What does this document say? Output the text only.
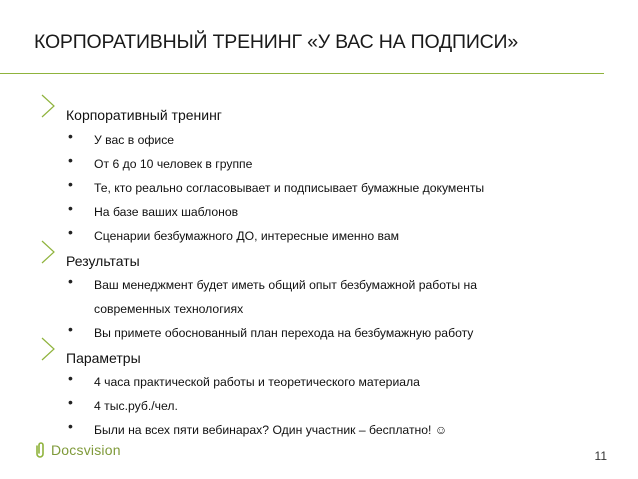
КОРПОРАТИВНЫЙ ТРЕНИНГ «У ВАС НА ПОДПИСИ»
Корпоративный тренинг
• У вас в офисе
• От 6 до 10 человек в группе
• Те, кто реально согласовывает и подписывает бумажные документы
• На базе ваших шаблонов
• Сценарии безбумажного ДО, интересные именно вам
Результаты
• Ваш менеджмент будет иметь общий опыт безбумажной работы на современных технологиях
• Вы примете обоснованный план перехода на безбумажную работу
Параметры
• 4 часа практической работы и теоретического материала
• 4 тыс.руб./чел.
• Были на всех пяти вебинарах? Один участник – бесплатно! ☺
Docsvision	11
